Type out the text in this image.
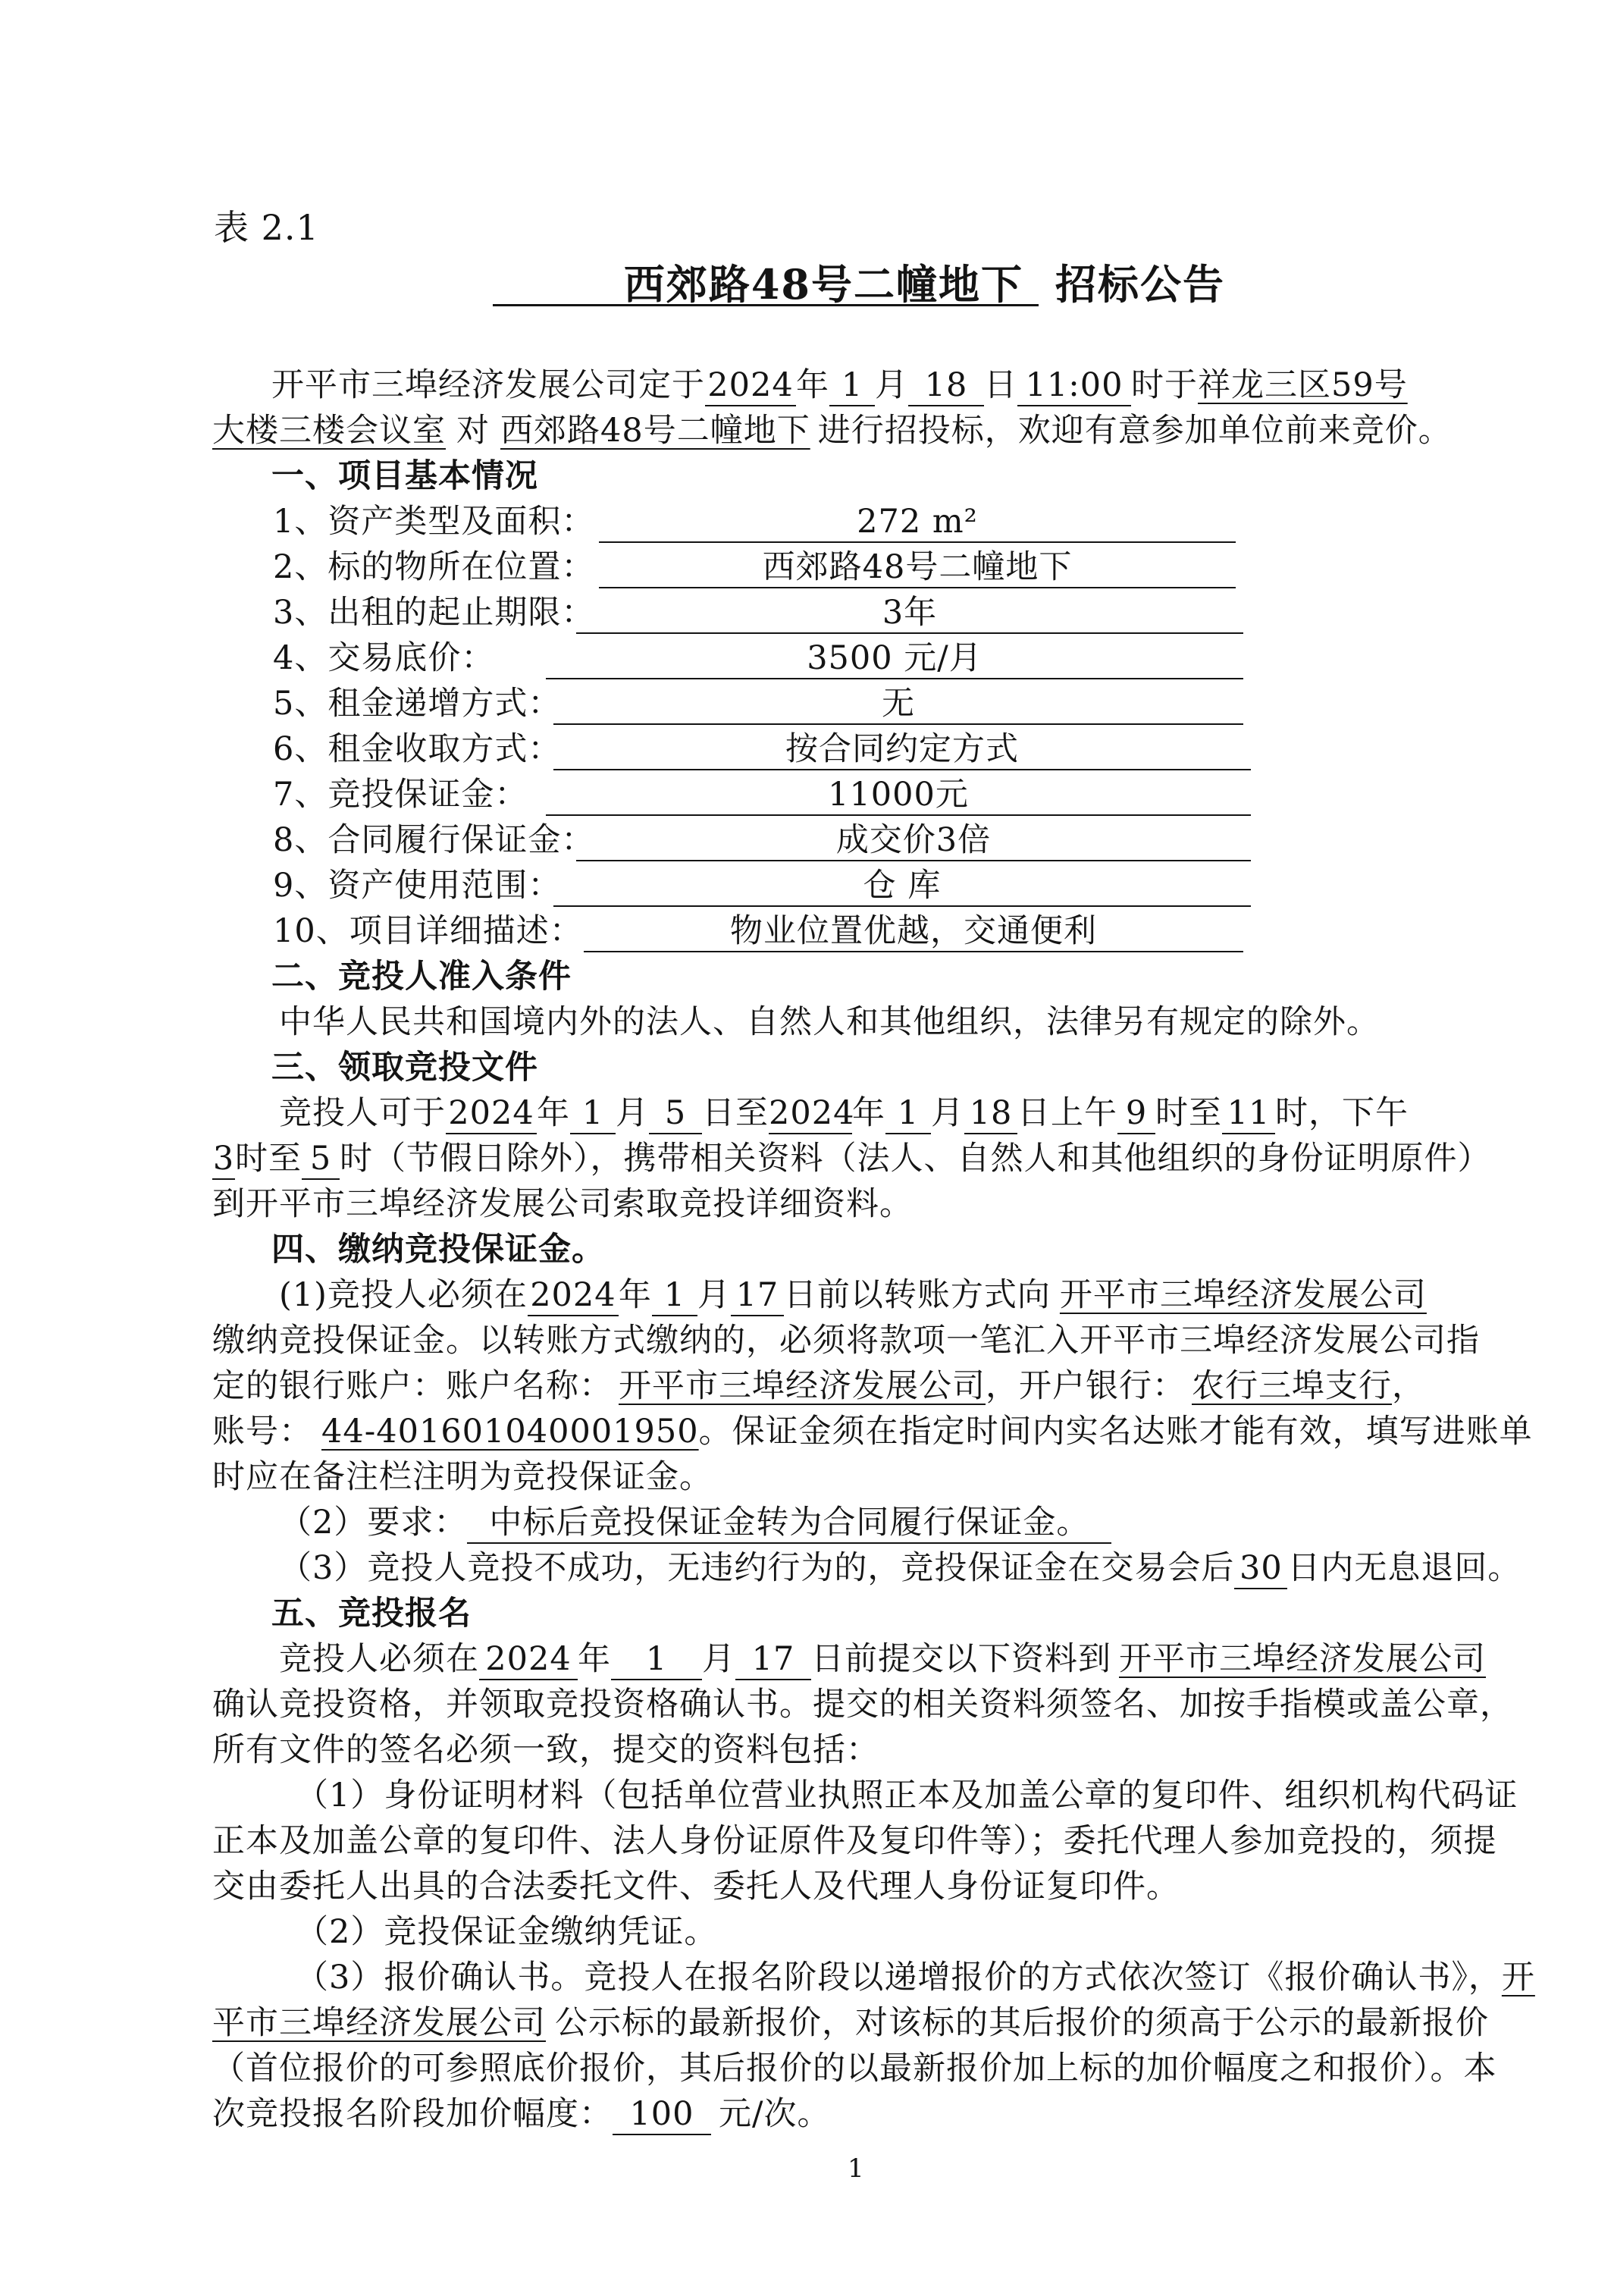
表 2.1
西郊路48号二幢地下 招标公告
开平市三埠经济发展公司定于2024年 1 月 18 日 11:00 时于祥龙三区59号
大楼三楼会议室 对 西郊路48号二幢地下 进行招投标，欢迎有意参加单位前来竞价。
一、项目基本情况
1、资产类型及面积：	272 m²
2、标的物所在位置：	西郊路48号二幢地下
3、出租的起止期限：	3年
4、交易底价：	3500 元/月
5、租金递增方式：	无
6、租金收取方式：	按合同约定方式
7、竞投保证金：	11000元
8、合同履行保证金：	成交价3倍
9、资产使用范围：	仓 库
10、项目详细描述：	物业位置优越，交通便利
二、竞投人准入条件
中华人民共和国境内外的法人、自然人和其他组织，法律另有规定的除外。
三、领取竞投文件
竞投人可于2024年 1 月 5 日至2024年 1 月 18 日上午 9 时至 11 时，下午
3时至 5 时（节假日除外），携带相关资料（法人、自然人和其他组织的身份证明原件）
到开平市三埠经济发展公司索取竞投详细资料。
四、缴纳竞投保证金。
(1)竞投人必须在2024年 1 月 17 日前以转账方式向 开平市三埠经济发展公司
缴纳竞投保证金。以转账方式缴纳的，必须将款项一笔汇入开平市三埠经济发展公司指
定的银行账户：账户名称： 开平市三埠经济发展公司，开户银行： 农行三埠支行，
账号： 44-401601040001950。保证金须在指定时间内实名达账才能有效，填写进账单
时应在备注栏注明为竞投保证金。
（2）要求： 中标后竞投保证金转为合同履行保证金。
（3）竞投人竞投不成功，无违约行为的，竞投保证金在交易会后 30 日内无息退回。
五、竞投报名
竞投人必须在 2024 年 1 月 17 日前提交以下资料到 开平市三埠经济发展公司
确认竞投资格，并领取竞投资格确认书。提交的相关资料须签名、加按手指模或盖公章，
所有文件的签名必须一致，提交的资料包括：
（1）身份证明材料（包括单位营业执照正本及加盖公章的复印件、组织机构代码证
正本及加盖公章的复印件、法人身份证原件及复印件等）；委托代理人参加竞投的，须提
交由委托人出具的合法委托文件、委托人及代理人身份证复印件。
（2）竞投保证金缴纳凭证。
（3）报价确认书。竞投人在报名阶段以递增报价的方式依次签订《报价确认书》，开
平市三埠经济发展公司 公示标的最新报价，对该标的其后报价的须高于公示的最新报价
（首位报价的可参照底价报价，其后报价的以最新报价加上标的加价幅度之和报价）。本
次竞投报名阶段加价幅度： 100 元/次。
1
